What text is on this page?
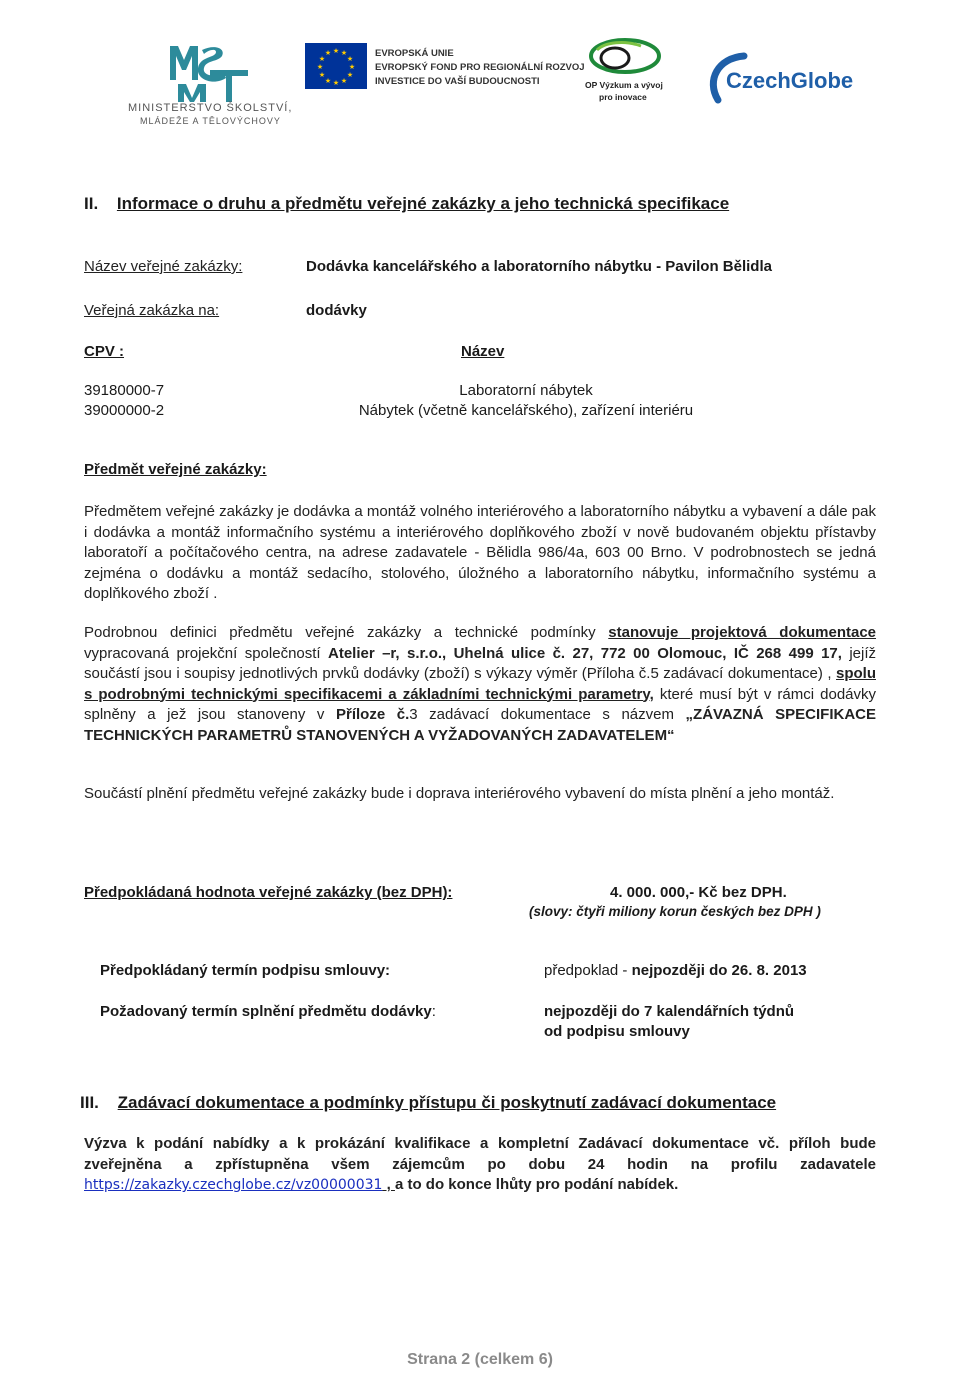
MINISTERSTVO ŠKOLSTVÍ,
MLÁDEŽE A TĚLOVÝCHOVY
★ ★
★
★
★
★
★
★
★
★
★
★	EVROPSKÁ UNIE
EVROPSKÝ FOND PRO REGIONÁLNÍ ROZVOJ
INVESTICE DO VAŠÍ BUDOUCNOSTI	OP Výzkum a vývoj
pro inovace
CzechGlobe
II. Informace o druhu a předmětu veřejné zakázky a jeho technická specifikace
Název veřejné zakázky:	Dodávka kancelářského a laboratorního nábytku - Pavilon Bělidla
Veřejná zakázka na:	dodávky
CPV :	Název
39180000-7	Laboratorní nábytek
39000000-2	Nábytek (včetně kancelářského), zařízení interiéru
Předmět veřejné zakázky:
Předmětem veřejné zakázky je dodávka a montáž volného interiérového a laboratorního nábytku a vybavení a dále pak i dodávka a montáž informačního systému a interiérového doplňkového zboží v nově budovaném objektu přístavby laboratoří a počítačového centra, na adrese zadavatele - Bělidla 986/4a, 603 00 Brno. V podrobnostech se jedná zejména o dodávku a montáž sedacího, stolového, úložného a laboratorního nábytku, informačního systému a doplňkového zboží .
Podrobnou definici předmětu veřejné zakázky a technické podmínky stanovuje projektová dokumentace vypracovaná projekční společností Atelier –r, s.r.o., Uhelná ulice č. 27, 772 00 Olomouc, IČ 268 499 17, jejíž součástí jsou i soupisy jednotlivých prvků dodávky (zboží) s výkazy výměr (Příloha č.5 zadávací dokumentace) , spolu s podrobnými technickými specifikacemi a základními technickými parametry, které musí být v rámci dodávky splněny a jež jsou stanoveny v Příloze č.3 zadávací dokumentace s názvem „ZÁVAZNÁ SPECIFIKACE TECHNICKÝCH PARAMETRŮ STANOVENÝCH A VYŽADOVANÝCH ZADAVATELEM“
Součástí plnění předmětu veřejné zakázky bude i doprava interiérového vybavení do místa plnění a jeho montáž.
Předpokládaná hodnota veřejné zakázky (bez DPH):	4. 000. 000,- Kč bez DPH.
(slovy: čtyři miliony korun českých bez DPH )
Předpokládaný termín podpisu smlouvy:	předpoklad - nejpozději do 26. 8. 2013
Požadovaný termín splnění předmětu dodávky:	nejpozději do 7 kalendářních týdnů
od podpisu smlouvy
III. Zadávací dokumentace a podmínky přístupu či poskytnutí zadávací dokumentace
Výzva k podání nabídky a k prokázání kvalifikace a kompletní Zadávací dokumentace vč. příloh bude zveřejněna a zpřístupněna všem zájemcům po dobu 24 hodin na profilu zadavatele https://zakazky.czechglobe.cz/vz00000031 , a to do konce lhůty pro podání nabídek.
Strana 2 (celkem 6)
